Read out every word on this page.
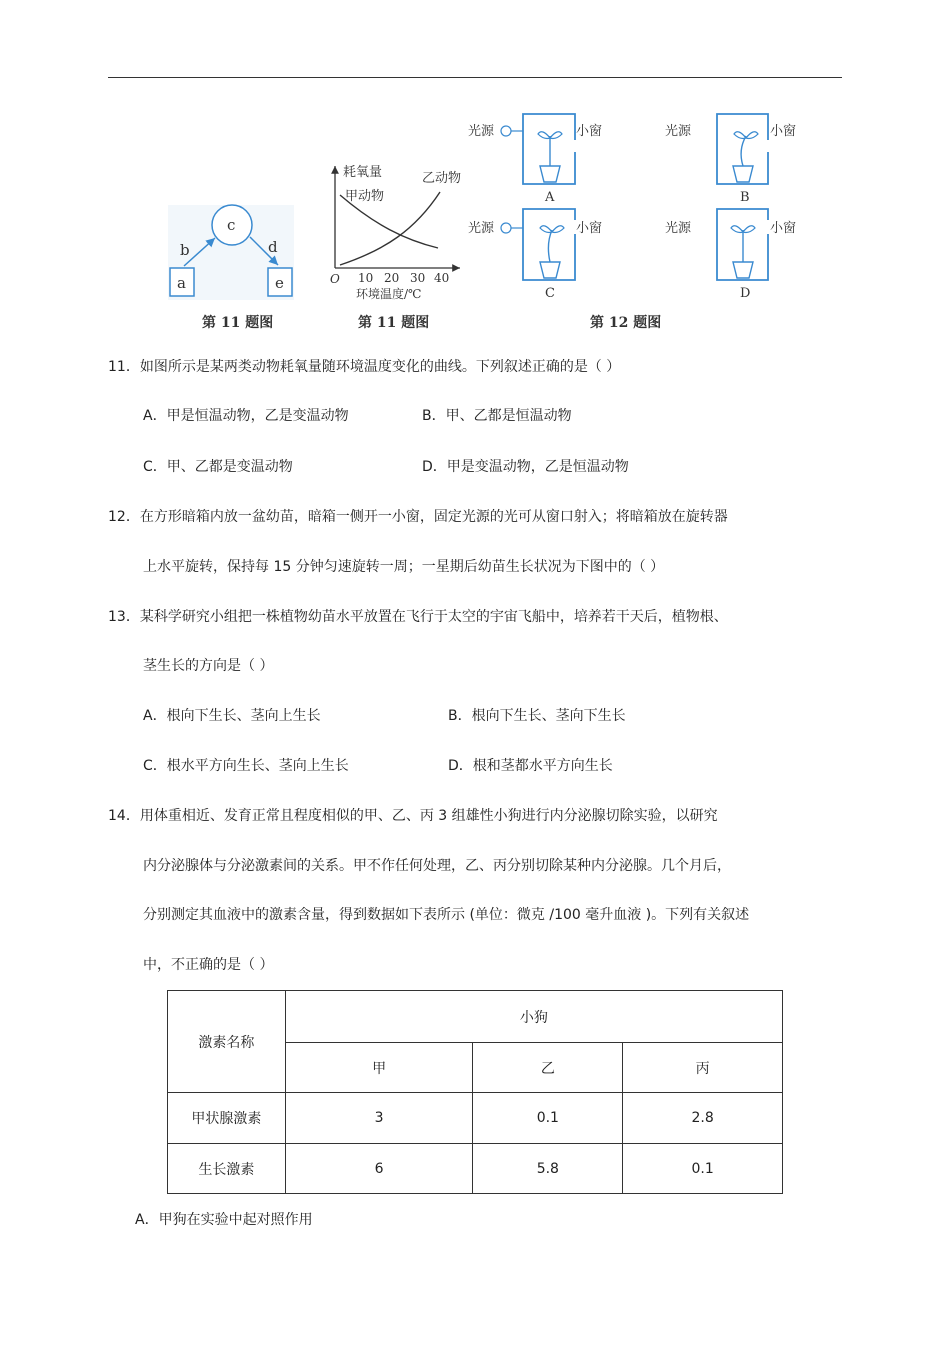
c
a	e
b	d
第 11 题图
耗氧量
甲动物
乙动物
O 10 20 30 40
环境温度/℃
第 11 题图
光源	小窗
A
光源	小窗
B
光源	小窗
C
光源	小窗
D
第 12 题图
11．如图所示是某两类动物耗氧量随环境温度变化的曲线。下列叙述正确的是（ ）
A．甲是恒温动物，乙是变温动物	B．甲、乙都是恒温动物
C．甲、乙都是变温动物	D．甲是变温动物，乙是恒温动物
12．在方形暗箱内放一盆幼苗，暗箱一侧开一小窗，固定光源的光可从窗口射入；将暗箱放在旋转器
上水平旋转，保持每 15 分钟匀速旋转一周；一星期后幼苗生长状况为下图中的（ ）
13．某科学研究小组把一株植物幼苗水平放置在飞行于太空的宇宙飞船中，培养若干天后，植物根、
茎生长的方向是（ ）
A．根向下生长、茎向上生长	B．根向下生长、茎向下生长
C．根水平方向生长、茎向上生长	D．根和茎都水平方向生长
14．用体重相近、发育正常且程度相似的甲、乙、丙 3 组雄性小狗进行内分泌腺切除实验，以研究
内分泌腺体与分泌激素间的关系。甲不作任何处理，乙、丙分别切除某种内分泌腺。几个月后，
分别测定其血液中的激素含量，得到数据如下表所示 (单位：微克 /100 毫升血液 )。下列有关叙述
中，不正确的是（ ）
激素名称	小狗		
	甲	乙	丙
甲状腺激素	3	0.1	2.8
生长激素	6	5.8	0.1
A．甲狗在实验中起对照作用
